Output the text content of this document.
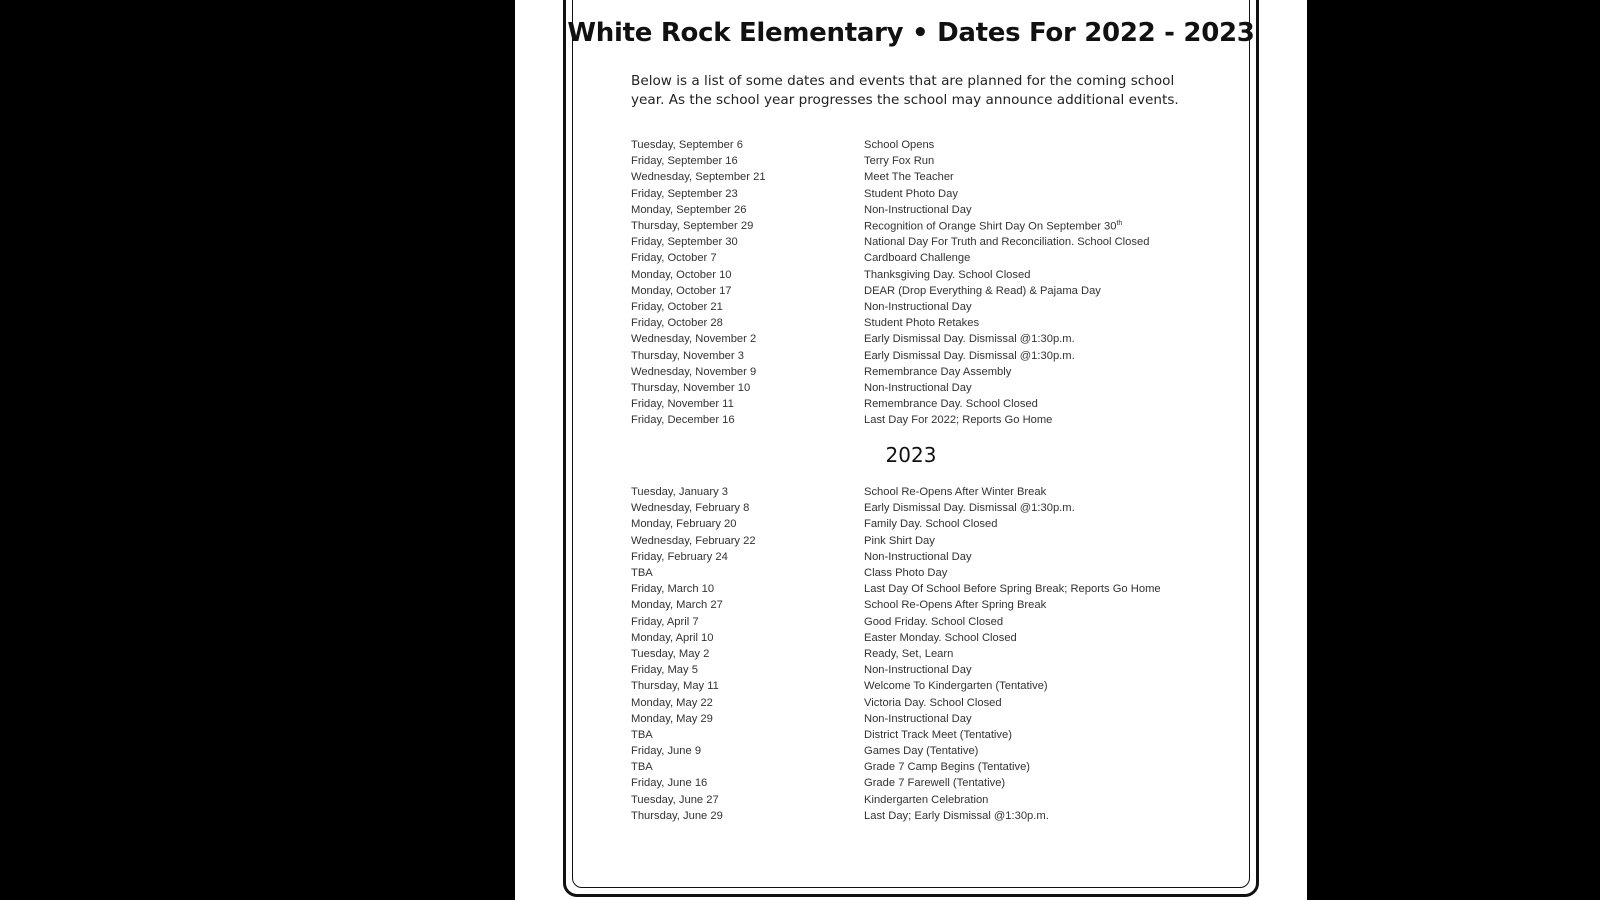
White Rock Elementary • Dates For 2022 - 2023
Below is a list of some dates and events that are planned for the coming school year. As the school year progresses the school may announce additional events.
Tuesday, September 6	School Opens
Friday, September 16	Terry Fox Run
Wednesday, September 21	Meet The Teacher
Friday, September 23	Student Photo Day
Monday, September 26	Non-Instructional Day
Thursday, September 29	Recognition of Orange Shirt Day On September 30th
Friday, September 30	National Day For Truth and Reconciliation. School Closed
Friday, October 7	Cardboard Challenge
Monday, October 10	Thanksgiving Day. School Closed
Monday, October 17	DEAR (Drop Everything & Read) & Pajama Day
Friday, October 21	Non-Instructional Day
Friday, October 28	Student Photo Retakes
Wednesday, November 2	Early Dismissal Day. Dismissal @1:30p.m.
Thursday, November 3	Early Dismissal Day. Dismissal @1:30p.m.
Wednesday, November 9	Remembrance Day Assembly
Thursday, November 10	Non-Instructional Day
Friday, November 11	Remembrance Day. School Closed
Friday, December 16	Last Day For 2022; Reports Go Home
2023
Tuesday, January 3	School Re-Opens After Winter Break
Wednesday, February 8	Early Dismissal Day. Dismissal @1:30p.m.
Monday, February 20	Family Day. School Closed
Wednesday, February 22	Pink Shirt Day
Friday, February 24	Non-Instructional Day
TBA	Class Photo Day
Friday, March 10	Last Day Of School Before Spring Break; Reports Go Home
Monday, March 27	School Re-Opens After Spring Break
Friday, April 7	Good Friday. School Closed
Monday, April 10	Easter Monday. School Closed
Tuesday, May 2	Ready, Set, Learn
Friday, May 5	Non-Instructional Day
Thursday, May 11	Welcome To Kindergarten (Tentative)
Monday, May 22	Victoria Day. School Closed
Monday, May 29	Non-Instructional Day
TBA	District Track Meet (Tentative)
Friday, June 9	Games Day (Tentative)
TBA	Grade 7 Camp Begins (Tentative)
Friday, June 16	Grade 7 Farewell (Tentative)
Tuesday, June 27	Kindergarten Celebration
Thursday, June 29	Last Day; Early Dismissal @1:30p.m.
